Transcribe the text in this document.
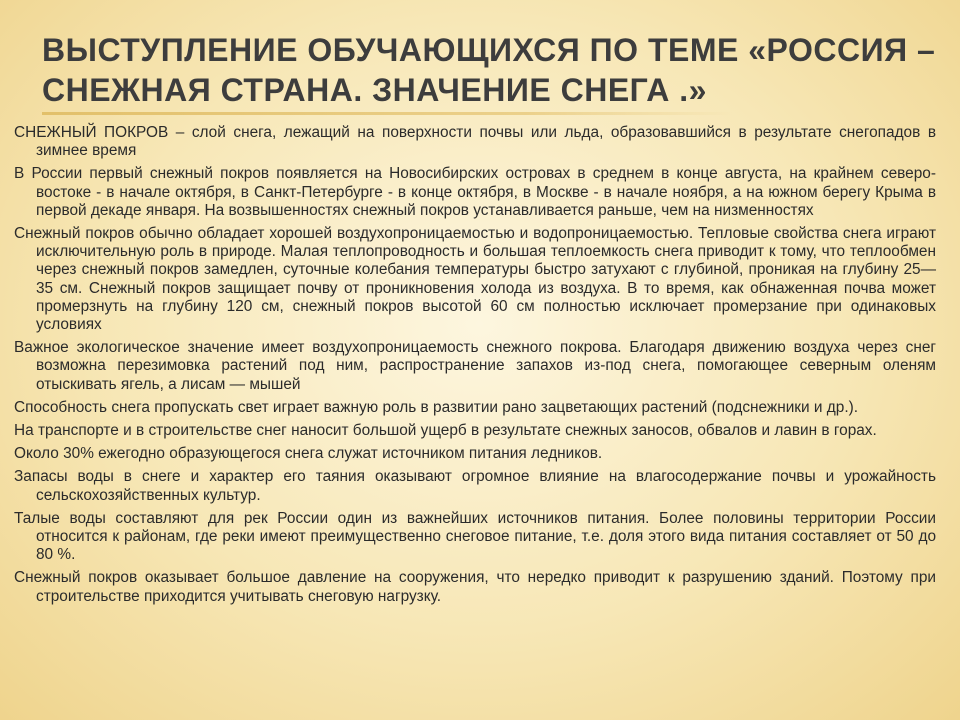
ВЫСТУПЛЕНИЕ ОБУЧАЮЩИХСЯ ПО ТЕМЕ «РОССИЯ –
СНЕЖНАЯ СТРАНА. ЗНАЧЕНИЕ СНЕГА .»

СНЕЖНЫЙ ПОКРОВ – слой снега, лежащий на поверхности почвы или льда, образовавшийся в результате снегопадов в зимнее время

В России первый снежный покров появляется на Новосибирских островах в среднем в конце августа, на крайнем северо-востоке - в начале октября, в Санкт-Петербурге - в конце октября, в Москве - в начале ноября, а на южном берегу Крыма в первой декаде января. На возвышенностях снежный покров устанавливается раньше, чем на низменностях

Снежный покров обычно обладает хорошей воздухопроницаемостью и водопроницаемостью. Тепловые свойства снега играют исключительную роль в природе. Малая теплопроводность и большая теплоемкость снега приводит к тому, что теплообмен через снежный покров замедлен, суточные колебания температуры быстро затухают с глубиной, проникая на глубину 25—35 см. Снежный покров защищает почву от проникновения холода из воздуха. В то время, как обнаженная почва может промерзнуть на глубину 120 см, снежный покров высотой 60 см полностью исключает промерзание при одинаковых условиях

Важное экологическое значение имеет воздухопроницаемость снежного покрова. Благодаря движению воздуха через снег возможна перезимовка растений под ним, распространение запахов из-под снега, помогающее северным оленям отыскивать ягель, а лисам — мышей

Способность снега пропускать свет играет важную роль в развитии рано зацветающих растений (подснежники и др.).

На транспорте и в строительстве снег наносит большой ущерб в результате снежных заносов, обвалов и лавин в горах.

Около 30% ежегодно образующегося снега служат источником питания ледников.

Запасы воды в снеге и характер его таяния оказывают огромное влияние на влагосодержание почвы и урожайность сельскохозяйственных культур.

Талые воды составляют для рек России один из важнейших источников питания. Более половины территории России относится к районам, где реки имеют преимущественно снеговое питание, т.е. доля этого вида питания составляет от 50 до 80 %.

Снежный покров оказывает большое давление на сооружения, что нередко приводит к разрушению зданий. Поэтому при строительстве приходится учитывать снеговую нагрузку.
